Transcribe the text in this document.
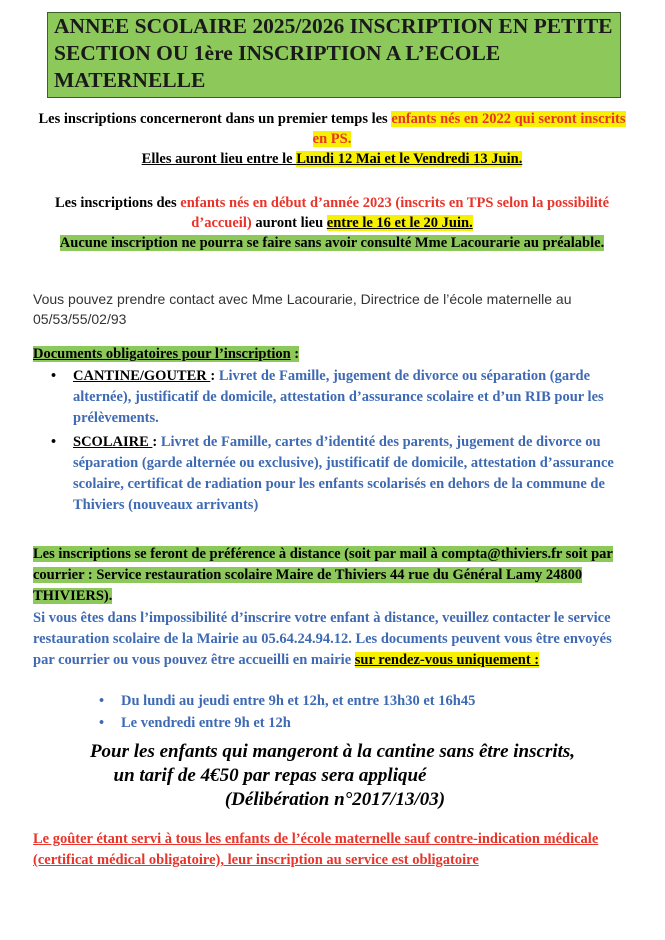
ANNEE SCOLAIRE 2025/2026 INSCRIPTION EN PETITE SECTION OU 1ère INSCRIPTION A L’ECOLE MATERNELLE
Les inscriptions concerneront dans un premier temps les enfants nés en 2022 qui seront inscrits en PS.
Elles auront lieu entre le Lundi 12 Mai et le Vendredi 13 Juin.
Les inscriptions des enfants nés en début d’année 2023 (inscrits en TPS selon la possibilité d’accueil) auront lieu entre le 16 et le 20 Juin.
Aucune inscription ne pourra se faire sans avoir consulté Mme Lacourarie au préalable.
Vous pouvez prendre contact avec Mme Lacourarie, Directrice de l’école maternelle au 05/53/55/02/93
Documents obligatoires pour l’inscription :
• CANTINE/GOUTER : Livret de Famille, jugement de divorce ou séparation (garde alternée), justificatif de domicile, attestation d’assurance scolaire et d’un RIB pour les prélèvements.
• SCOLAIRE : Livret de Famille, cartes d’identité des parents, jugement de divorce ou séparation (garde alternée ou exclusive), justificatif de domicile, attestation d’assurance scolaire, certificat de radiation pour les enfants scolarisés en dehors de la commune de Thiviers (nouveaux arrivants)
Les inscriptions se feront de préférence à distance (soit par mail à compta@thiviers.fr soit par courrier : Service restauration scolaire Maire de Thiviers 44 rue du Général Lamy 24800 THIVIERS).
Si vous êtes dans l’impossibilité d’inscrire votre enfant à distance, veuillez contacter le service restauration scolaire de la Mairie au 05.64.24.94.12. Les documents peuvent vous être envoyés par courrier ou vous pouvez être accueilli en mairie sur rendez-vous uniquement :
• Du lundi au jeudi entre 9h et 12h, et entre 13h30 et 16h45
• Le vendredi entre 9h et 12h
Pour les enfants qui mangeront à la cantine sans être inscrits,
un tarif de 4€50 par repas sera appliqué
(Délibération n°2017/13/03)
Le goûter étant servi à tous les enfants de l’école maternelle sauf contre-indication médicale (certificat médical obligatoire), leur inscription au service est obligatoire
